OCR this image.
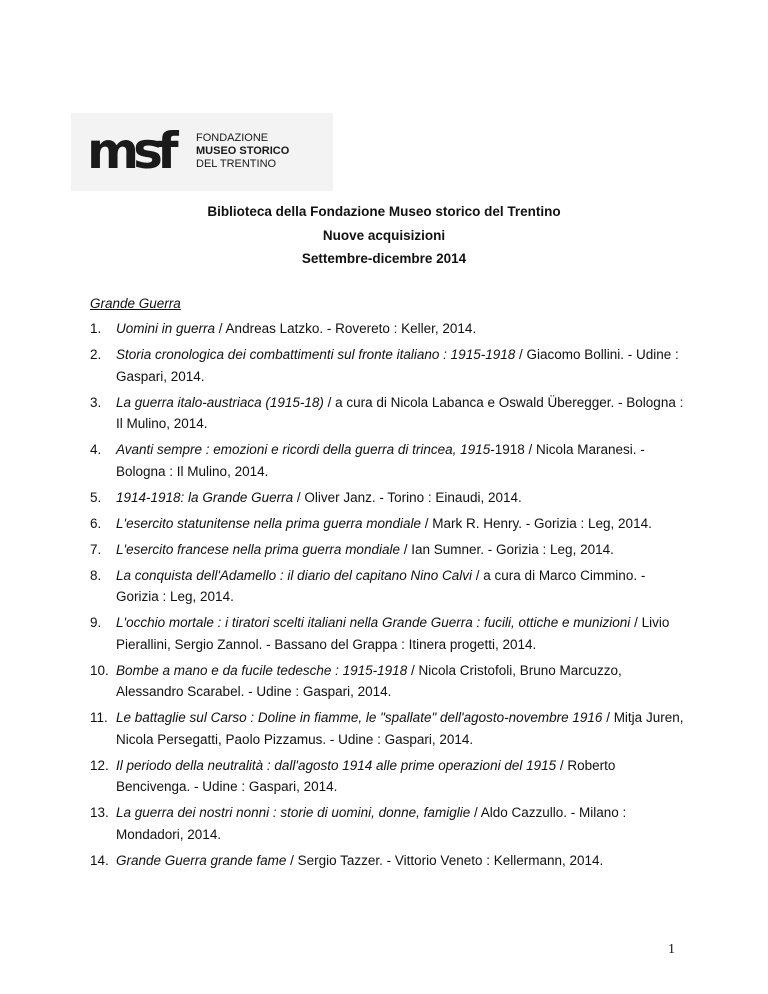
msf FONDAZIONE
MUSEO STORICO
DEL TRENTINO
Biblioteca della Fondazione Museo storico del Trentino
Nuove acquisizioni
Settembre-dicembre 2014
Grande Guerra
1.	Uomini in guerra / Andreas Latzko. - Rovereto : Keller, 2014.
2.	Storia cronologica dei combattimenti sul fronte italiano : 1915-1918 / Giacomo Bollini. - Udine : Gaspari, 2014.
3.	La guerra italo-austriaca (1915-18) / a cura di Nicola Labanca e Oswald Überegger. - Bologna : Il Mulino, 2014.
4.	Avanti sempre : emozioni e ricordi della guerra di trincea, 1915-1918 / Nicola Maranesi. - Bologna : Il Mulino, 2014.
5.	1914-1918: la Grande Guerra / Oliver Janz. - Torino : Einaudi, 2014.
6.	L'esercito statunitense nella prima guerra mondiale / Mark R. Henry. - Gorizia : Leg, 2014.
7.	L'esercito francese nella prima guerra mondiale / Ian Sumner. - Gorizia : Leg, 2014.
8.	La conquista dell'Adamello : il diario del capitano Nino Calvi / a cura di Marco Cimmino. - Gorizia : Leg, 2014.
9.	L'occhio mortale : i tiratori scelti italiani nella Grande Guerra : fucili, ottiche e munizioni / Livio Pierallini, Sergio Zannol. - Bassano del Grappa : Itinera progetti, 2014.
10. Bombe a mano e da fucile tedesche : 1915-1918 / Nicola Cristofoli, Bruno Marcuzzo, Alessandro Scarabel. - Udine : Gaspari, 2014.
11. Le battaglie sul Carso : Doline in fiamme, le "spallate" dell'agosto-novembre 1916 / Mitja Juren, Nicola Persegatti, Paolo Pizzamus. - Udine : Gaspari, 2014.
12. Il periodo della neutralità : dall'agosto 1914 alle prime operazioni del 1915 / Roberto Bencivenga. - Udine : Gaspari, 2014.
13. La guerra dei nostri nonni : storie di uomini, donne, famiglie / Aldo Cazzullo. - Milano : Mondadori, 2014.
14. Grande Guerra grande fame / Sergio Tazzer. - Vittorio Veneto : Kellermann, 2014.
1
